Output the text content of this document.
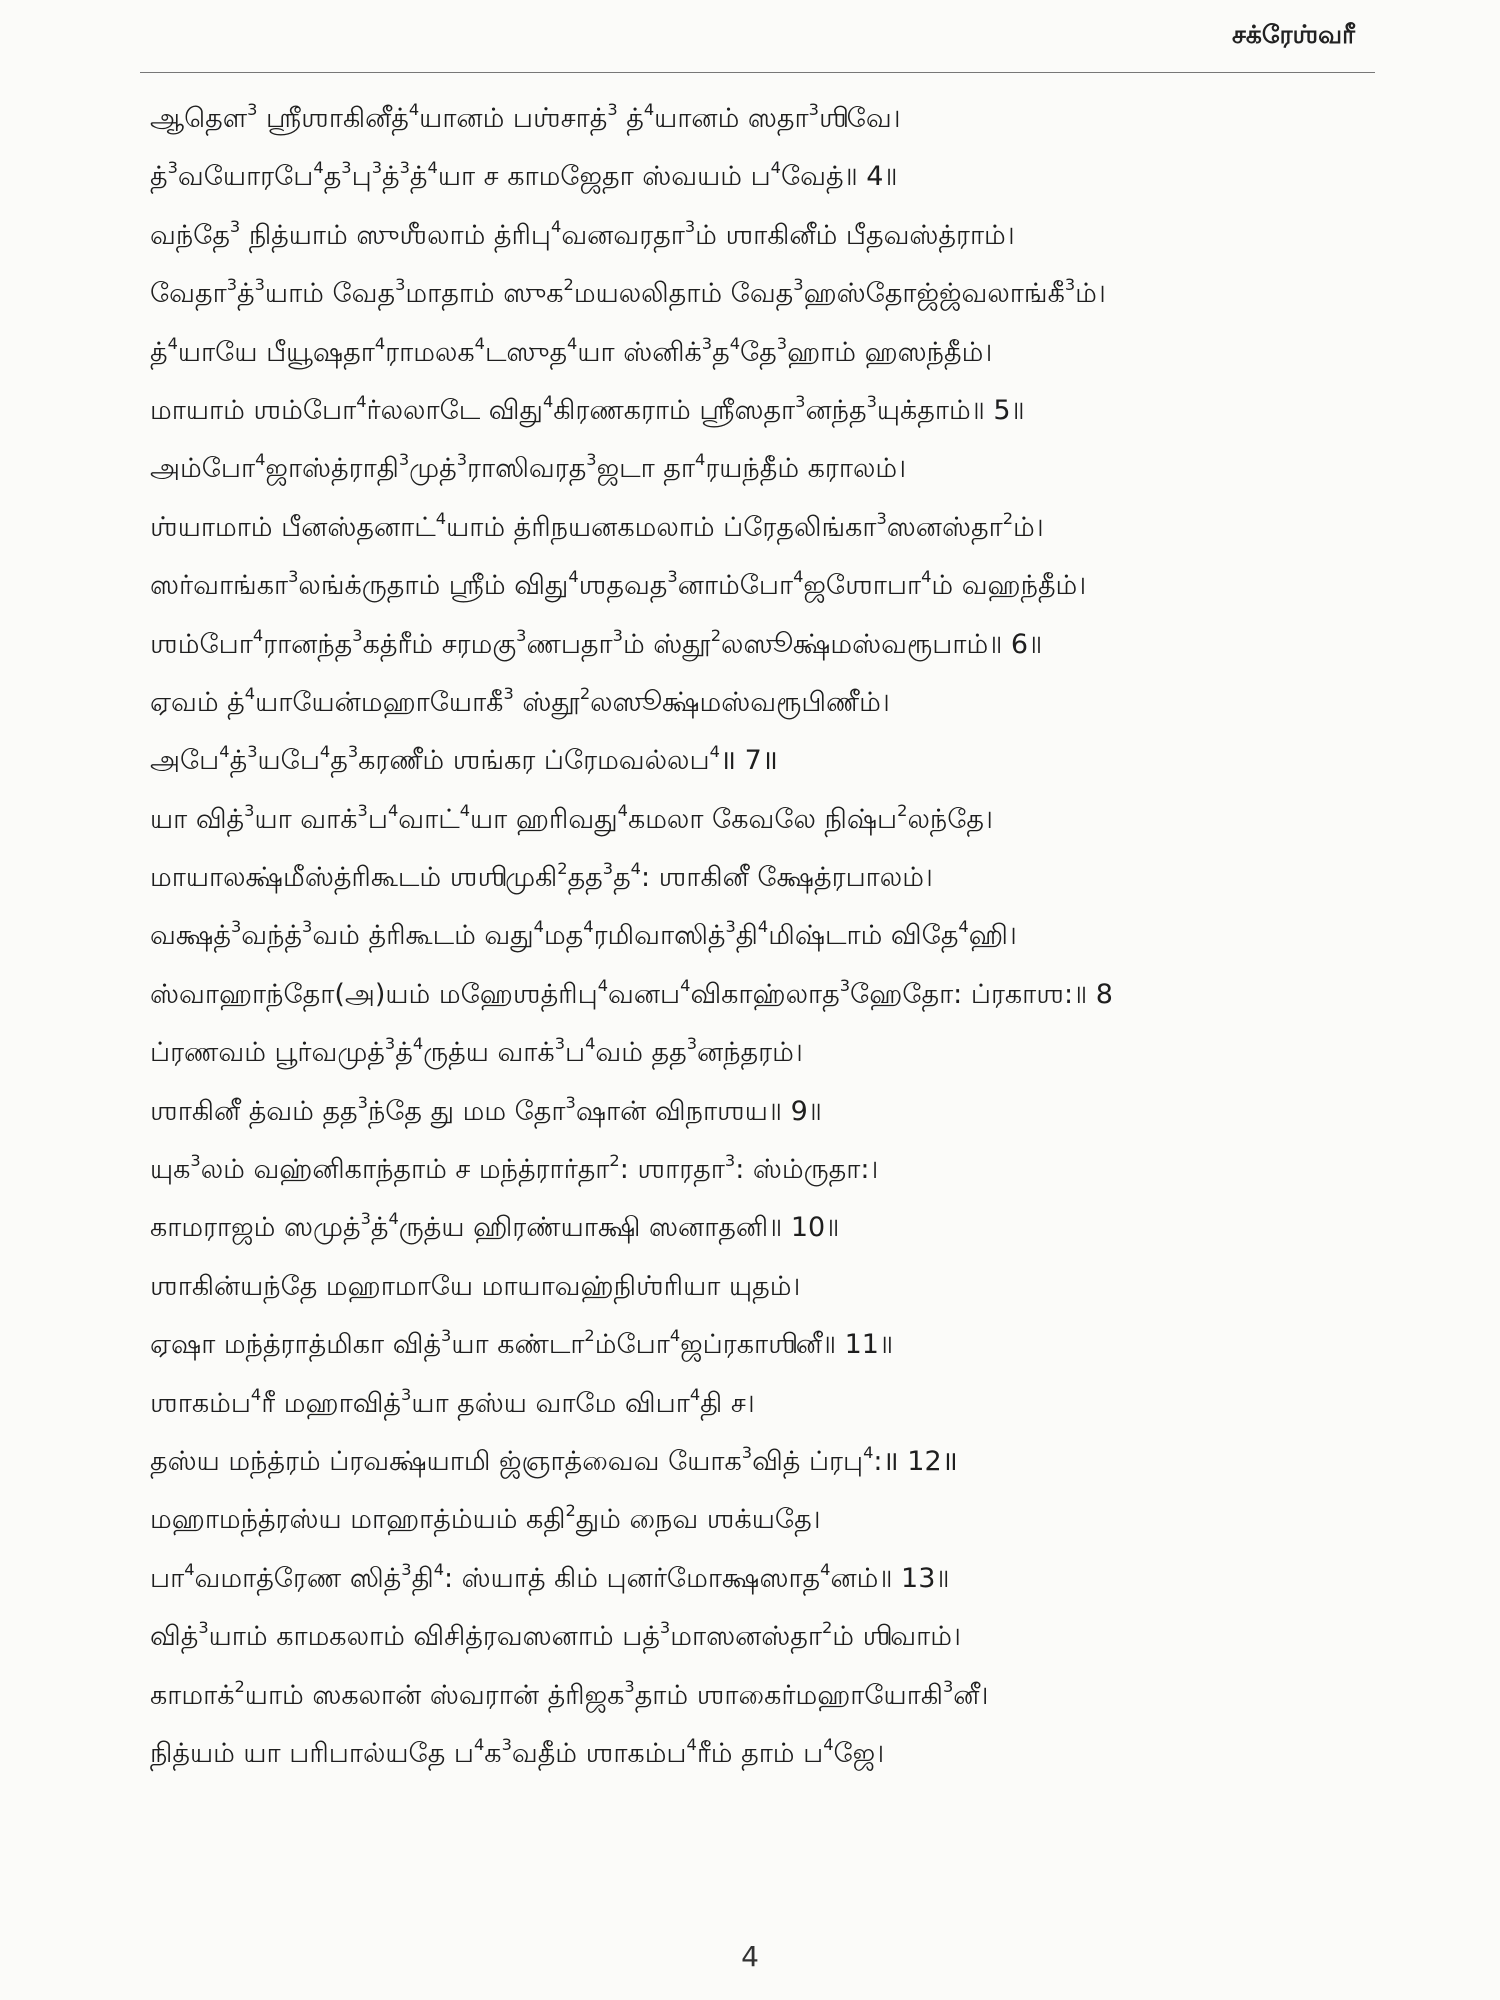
சக்ரேஶ்வரீ
ஆதௌ$^3$ ஶ்ரீஶாகினீத்$^4$யானம் பஶ்சாத்$^3$ த்$^4$யானம் ஸதா$^3$ஶிவே।
த்$^3$வயோரபே$^4$த$^3$பு$^3$த்$^3$த்$^4$யா ச காமஜேதா ஸ்வயம் ப$^4$வேத்॥ 4॥
வந்தே$^3$ நித்யாம் ஸுஶீலாம் த்ரிபு$^4$வனவரதா$^3$ம் ஶாகினீம் பீதவஸ்த்ராம்।
வேதா$^3$த்$^3$யாம் வேத$^3$மாதாம் ஸுக$^2$மயலலிதாம் வேத$^3$ஹஸ்தோஜ்ஜ்வலாங்கீ$^3$ம்।
த்$^4$யாயே பீயூஷதா$^4$ராமலக$^4$டஸுத$^4$யா ஸ்னிக்$^3$த$^4$தே$^3$ஹாம் ஹஸந்தீம்।
மாயாம் ஶம்போ$^4$ர்லலாடே விது$^4$கிரணகராம் ஶ்ரீஸதா$^3$னந்த$^3$யுக்தாம்॥ 5॥
அம்போ$^4$ஜாஸ்த்ராதி$^3$முத்$^3$ராஸிவரத$^3$ஜடா தா$^4$ரயந்தீம் கராலம்।
ஶ்யாமாம் பீனஸ்தனாட்$^4$யாம் த்ரிநயனகமலாம் ப்ரேதலிங்கா$^3$ஸனஸ்தா$^2$ம்।
ஸர்வாங்கா$^3$லங்க்ருதாம் ஶ்ரீம் விது$^4$ஶதவத$^3$னாம்போ$^4$ஜஶோபா$^4$ம் வஹந்தீம்।
ஶம்போ$^4$ரானந்த$^3$கத்ரீம் சரமகு$^3$ணபதா$^3$ம் ஸ்தூ$^2$லஸூக்ஷ்மஸ்வரூபாம்॥ 6॥
ஏவம் த்$^4$யாயேன்மஹாயோகீ$^3$ ஸ்தூ$^2$லஸூக்ஷ்மஸ்வரூபிணீம்।
அபே$^4$த்$^3$யபே$^4$த$^3$கரணீம் ஶங்கர ப்ரேமவல்லப$^4$॥ 7॥
யா வித்$^3$யா வாக்$^3$ப$^4$வாட்$^4$யா ஹரிவது$^4$கமலா கேவலே நிஷ்ப$^2$லந்தே।
மாயாலக்ஷ்மீஸ்த்ரிகூடம் ஶஶிமுகி$^2$தத$^3$த$^4$: ஶாகினீ க்ஷேத்ரபாலம்।
வக்ஷத்$^3$வந்த்$^3$வம் த்ரிகூடம் வது$^4$மத$^4$ரமிவாஸித்$^3$தி$^4$மிஷ்டாம் விதே$^4$ஹி।
ஸ்வாஹாந்தோ(அ)யம் மஹேஶத்ரிபு$^4$வனப$^4$விகாஹ்லாத$^3$ஹேதோ: ப்ரகாஶ:॥ 8
ப்ரணவம் பூர்வமுத்$^3$த்$^4$ருத்ய வாக்$^3$ப$^4$வம் தத$^3$னந்தரம்।
ஶாகினீ த்வம் தத$^3$ந்தே து மம தோ$^3$ஷான் விநாஶய॥ 9॥
யுக$^3$லம் வஹ்னிகாந்தாம் ச மந்த்ரார்தா$^2$: ஶாரதா$^3$: ஸ்ம்ருதா:।
காமராஜம் ஸமுத்$^3$த்$^4$ருத்ய ஹிரண்யாக்ஷி ஸனாதனி॥ 10॥
ஶாகின்யந்தே மஹாமாயே மாயாவஹ்நிஶ்ரியா யுதம்।
ஏஷா மந்த்ராத்மிகா வித்$^3$யா கண்டா$^2$ம்போ$^4$ஜப்ரகாஶினீ॥ 11॥
ஶாகம்ப$^4$ரீ மஹாவித்$^3$யா தஸ்ய வாமே விபா$^4$தி ச।
தஸ்ய மந்த்ரம் ப்ரவக்ஷ்யாமி ஜ்ஞாத்வைவ யோக$^3$வித் ப்ரபு$^4$:॥ 12॥
மஹாமந்த்ரஸ்ய மாஹாத்ம்யம் கதி$^2$தும் நைவ ஶக்யதே।
பா$^4$வமாத்ரேண ஸித்$^3$தி$^4$: ஸ்யாத் கிம் புனர்மோக்ஷஸாத$^4$னம்॥ 13॥
வித்$^3$யாம் காமகலாம் விசித்ரவஸனாம் பத்$^3$மாஸனஸ்தா$^2$ம் ஶிவாம்।
காமாக்$^2$யாம் ஸகலான் ஸ்வரான் த்ரிஜக$^3$தாம் ஶாகைர்மஹாயோகி$^3$னீ।
நித்யம் யா பரிபால்யதே ப$^4$க$^3$வதீம் ஶாகம்ப$^4$ரீம் தாம் ப$^4$ஜே।
4
